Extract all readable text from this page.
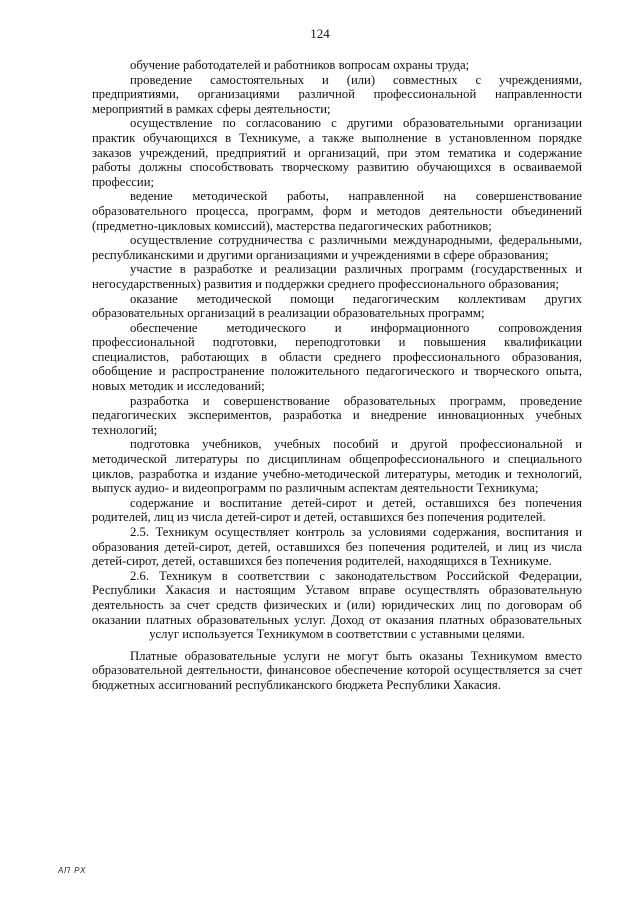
124

обучение работодателей и работников вопросам охраны труда;

проведение самостоятельных и (или) совместных с учреждениями, предприятиями, организациями различной профессиональной направленности мероприятий в рамках сферы деятельности;

осуществление по согласованию с другими образовательными организации практик обучающихся в Техникуме, а также выполнение в установленном порядке заказов учреждений, предприятий и организаций, при этом тематика и содержание работы должны способствовать творческому развитию обучающихся в осваиваемой профессии;

ведение методической работы, направленной на совершенствование образовательного процесса, программ, форм и методов деятельности объединений (предметно-цикловых комиссий), мастерства педагогических работников;

осуществление сотрудничества с различными международными, федеральными, республиканскими и другими организациями и учреждениями в сфере образования;

участие в разработке и реализации различных программ (государственных и негосударственных) развития и поддержки среднего профессионального образования;

оказание методической помощи педагогическим коллективам других образовательных организаций в реализации образовательных программ;

обеспечение методического и информационного сопровождения профессиональной подготовки, переподготовки и повышения квалификации специалистов, работающих в области среднего профессионального образования, обобщение и распространение положительного педагогического и творческого опыта, новых методик и исследований;

разработка и совершенствование образовательных программ, проведение педагогических экспериментов, разработка и внедрение инновационных учебных технологий;

подготовка учебников, учебных пособий и другой профессиональной и методической литературы по дисциплинам общепрофессионального и специального циклов, разработка и издание учебно-методической литературы, методик и технологий, выпуск аудио- и видеопрограмм по различным аспектам деятельности Техникума;

содержание и воспитание детей-сирот и детей, оставшихся без попечения родителей, лиц из числа детей-сирот и детей, оставшихся без попечения родителей.

2.5. Техникум осуществляет контроль за условиями содержания, воспитания и образования детей-сирот, детей, оставшихся без попечения родителей, и лиц из числа детей-сирот, детей, оставшихся без попечения родителей, находящихся в Техникуме.

2.6. Техникум в соответствии с законодательством Российской Федерации, Республики Хакасия и настоящим Уставом вправе осуществлять образовательную деятельность за счет средств физических и (или) юридических лиц по договорам об оказании платных образовательных услуг. Доход от оказания платных образовательных услуг используется Техникумом в соответствии с уставными целями.

Платные образовательные услуги не могут быть оказаны Техникумом вместо образовательной деятельности, финансовое обеспечение которой осуществляется за счет бюджетных ассигнований республиканского бюджета Республики Хакасия.

АП РХ
